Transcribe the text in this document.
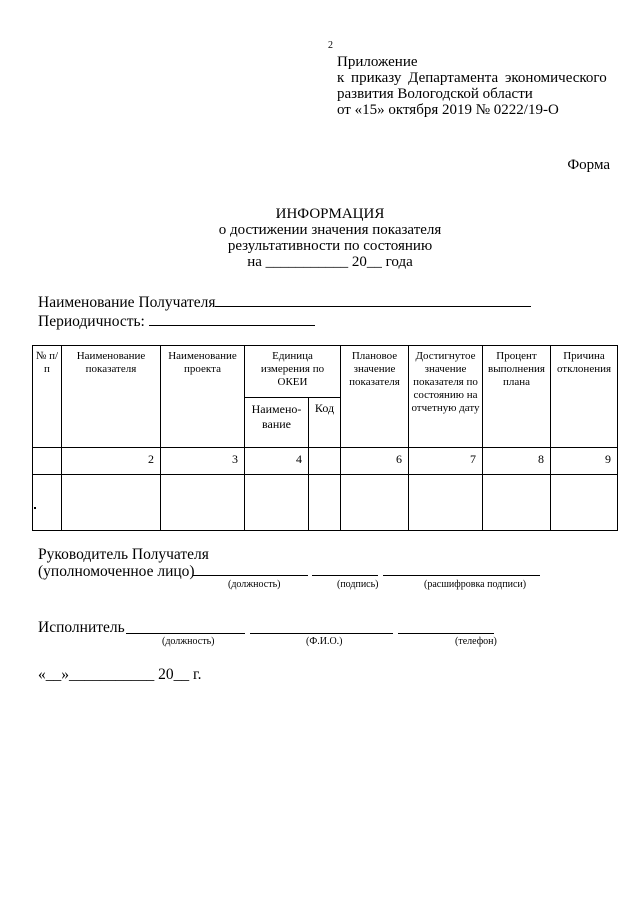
2
Приложение
к приказу Департамента экономического
развития Вологодской области
от «15» октября 2019 № 0222/19-О
Форма
ИНФОРМАЦИЯ
о достижении значения показателя
результативности по состоянию
на ___________ 20__ года
Наименование Получателя
Периодичность:
№ п/п	Наименование показателя	Наименование проекта	Единица измерения по ОКЕИ		Плановое значение показателя	Достигнутое значение показателя по состоянию на отчетную дату	Процент выполнения плана	Причина отклонения
			Наимено-вание	Код				
	2	3	4		6	7	8	9

Руководитель Получателя
(уполномоченное лицо)
(должность)	(подпись)	(расшифровка подписи)
Исполнитель
(должность)	(Ф.И.О.)	(телефон)
«__»___________ 20__ г.
